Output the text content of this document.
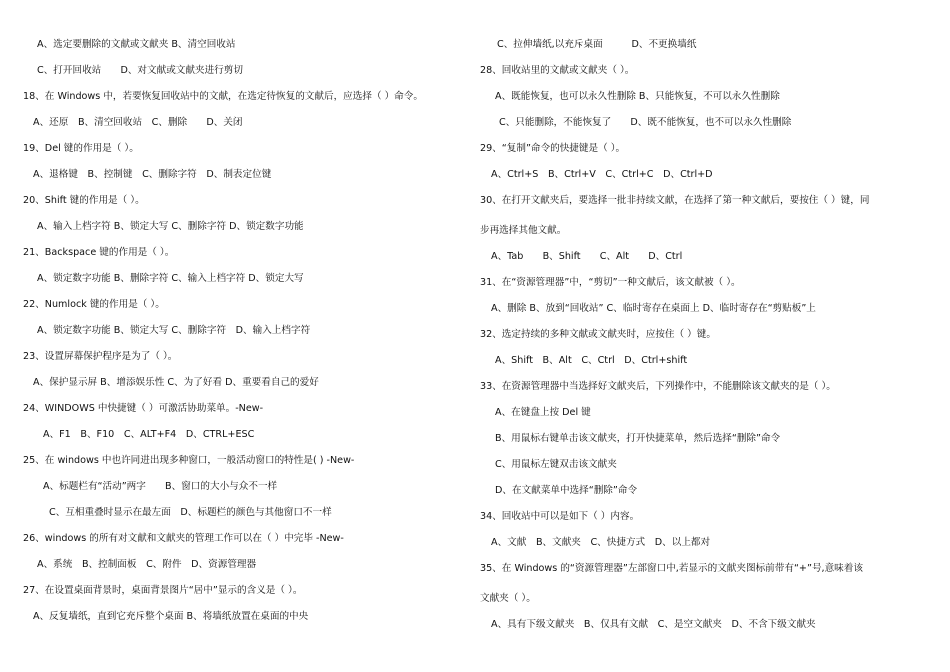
A、选定要删除的文献或文献夹 B、清空回收站
C、打开回收站　　D、对文献或文献夹进行剪切
18、在 Windows 中，若要恢复回收站中的文献，在选定待恢复的文献后，应选择（ ）命令。
A、还原　B、清空回收站　C、删除　　D、关闭
19、Del 键的作用是（ ）。
A、退格键　B、控制键　C、删除字符　D、制表定位键
20、Shift 键的作用是（ ）。
A、输入上档字符 B、锁定大写 C、删除字符 D、锁定数字功能
21、Backspace 键的作用是（ ）。
A、锁定数字功能 B、删除字符 C、输入上档字符 D、锁定大写
22、Numlock 键的作用是（ ）。
A、锁定数字功能 B、锁定大写 C、删除字符　D、输入上档字符
23、设置屏幕保护程序是为了（ ）。
A、保护显示屏 B、增添娱乐性 C、为了好看 D、重要看自己的爱好
24、WINDOWS 中快捷键（ ）可激活协助菜单。-New-
A、F1　B、F10　C、ALT+F4　D、CTRL+ESC
25、在 windows 中也许同进出现多种窗口，一般活动窗口的特性是( ) -New-
A、标题栏有“活动”两字　　B、窗口的大小与众不一样
C、互相重叠时显示在最左面　D、标题栏的颜色与其他窗口不一样
26、windows 的所有对文献和文献夹的管理工作可以在（ ）中完毕 -New-
A、系统　B、控制面板　C、附件　D、资源管理器
27、在设置桌面背景时，桌面背景图片“居中”显示的含义是（ ）。
A、反复墙纸，直到它充斥整个桌面 B、将墙纸放置在桌面的中央
C、拉伸墙纸,以充斥桌面　　　D、不更换墙纸
28、回收站里的文献或文献夹（ ）。
A、既能恢复，也可以永久性删除 B、只能恢复，不可以永久性删除
C、只能删除，不能恢复了　　D、既不能恢复，也不可以永久性删除
29、“复制”命令的快捷键是（ ）。
A、Ctrl+S　B、Ctrl+V　C、Ctrl+C　D、Ctrl+D
30、在打开文献夹后，要选择一批非持续文献，在选择了第一种文献后，要按住（ ）键，同
步再选择其他文献。
A、Tab　　B、Shift　　C、Alt　　D、Ctrl
31、在“资源管理器”中，“剪切”一种文献后，该文献被（ ）。
A、删除 B、放到“回收站” C、临时寄存在桌面上 D、临时寄存在“剪贴板”上
32、选定持续的多种文献或文献夹时，应按住（ ）键。
A、Shift　B、Alt　C、Ctrl　D、Ctrl+shift
33、在资源管理器中当选择好文献夹后，下列操作中，不能删除该文献夹的是（ ）。
A、在键盘上按 Del 键
B、用鼠标右键单击该文献夹，打开快捷菜单，然后选择“删除”命令
C、用鼠标左键双击该文献夹
D、在文献菜单中选择“删除”命令
34、回收站中可以是如下（ ）内容。
A、文献　B、文献夹　C、快捷方式　D、以上都对
35、在 Windows 的“资源管理器”左部窗口中,若显示的文献夹图标前带有“+”号,意味着该
文献夹（ ）。
A、具有下级文献夹　B、仅具有文献　C、是空文献夹　D、不含下级文献夹
